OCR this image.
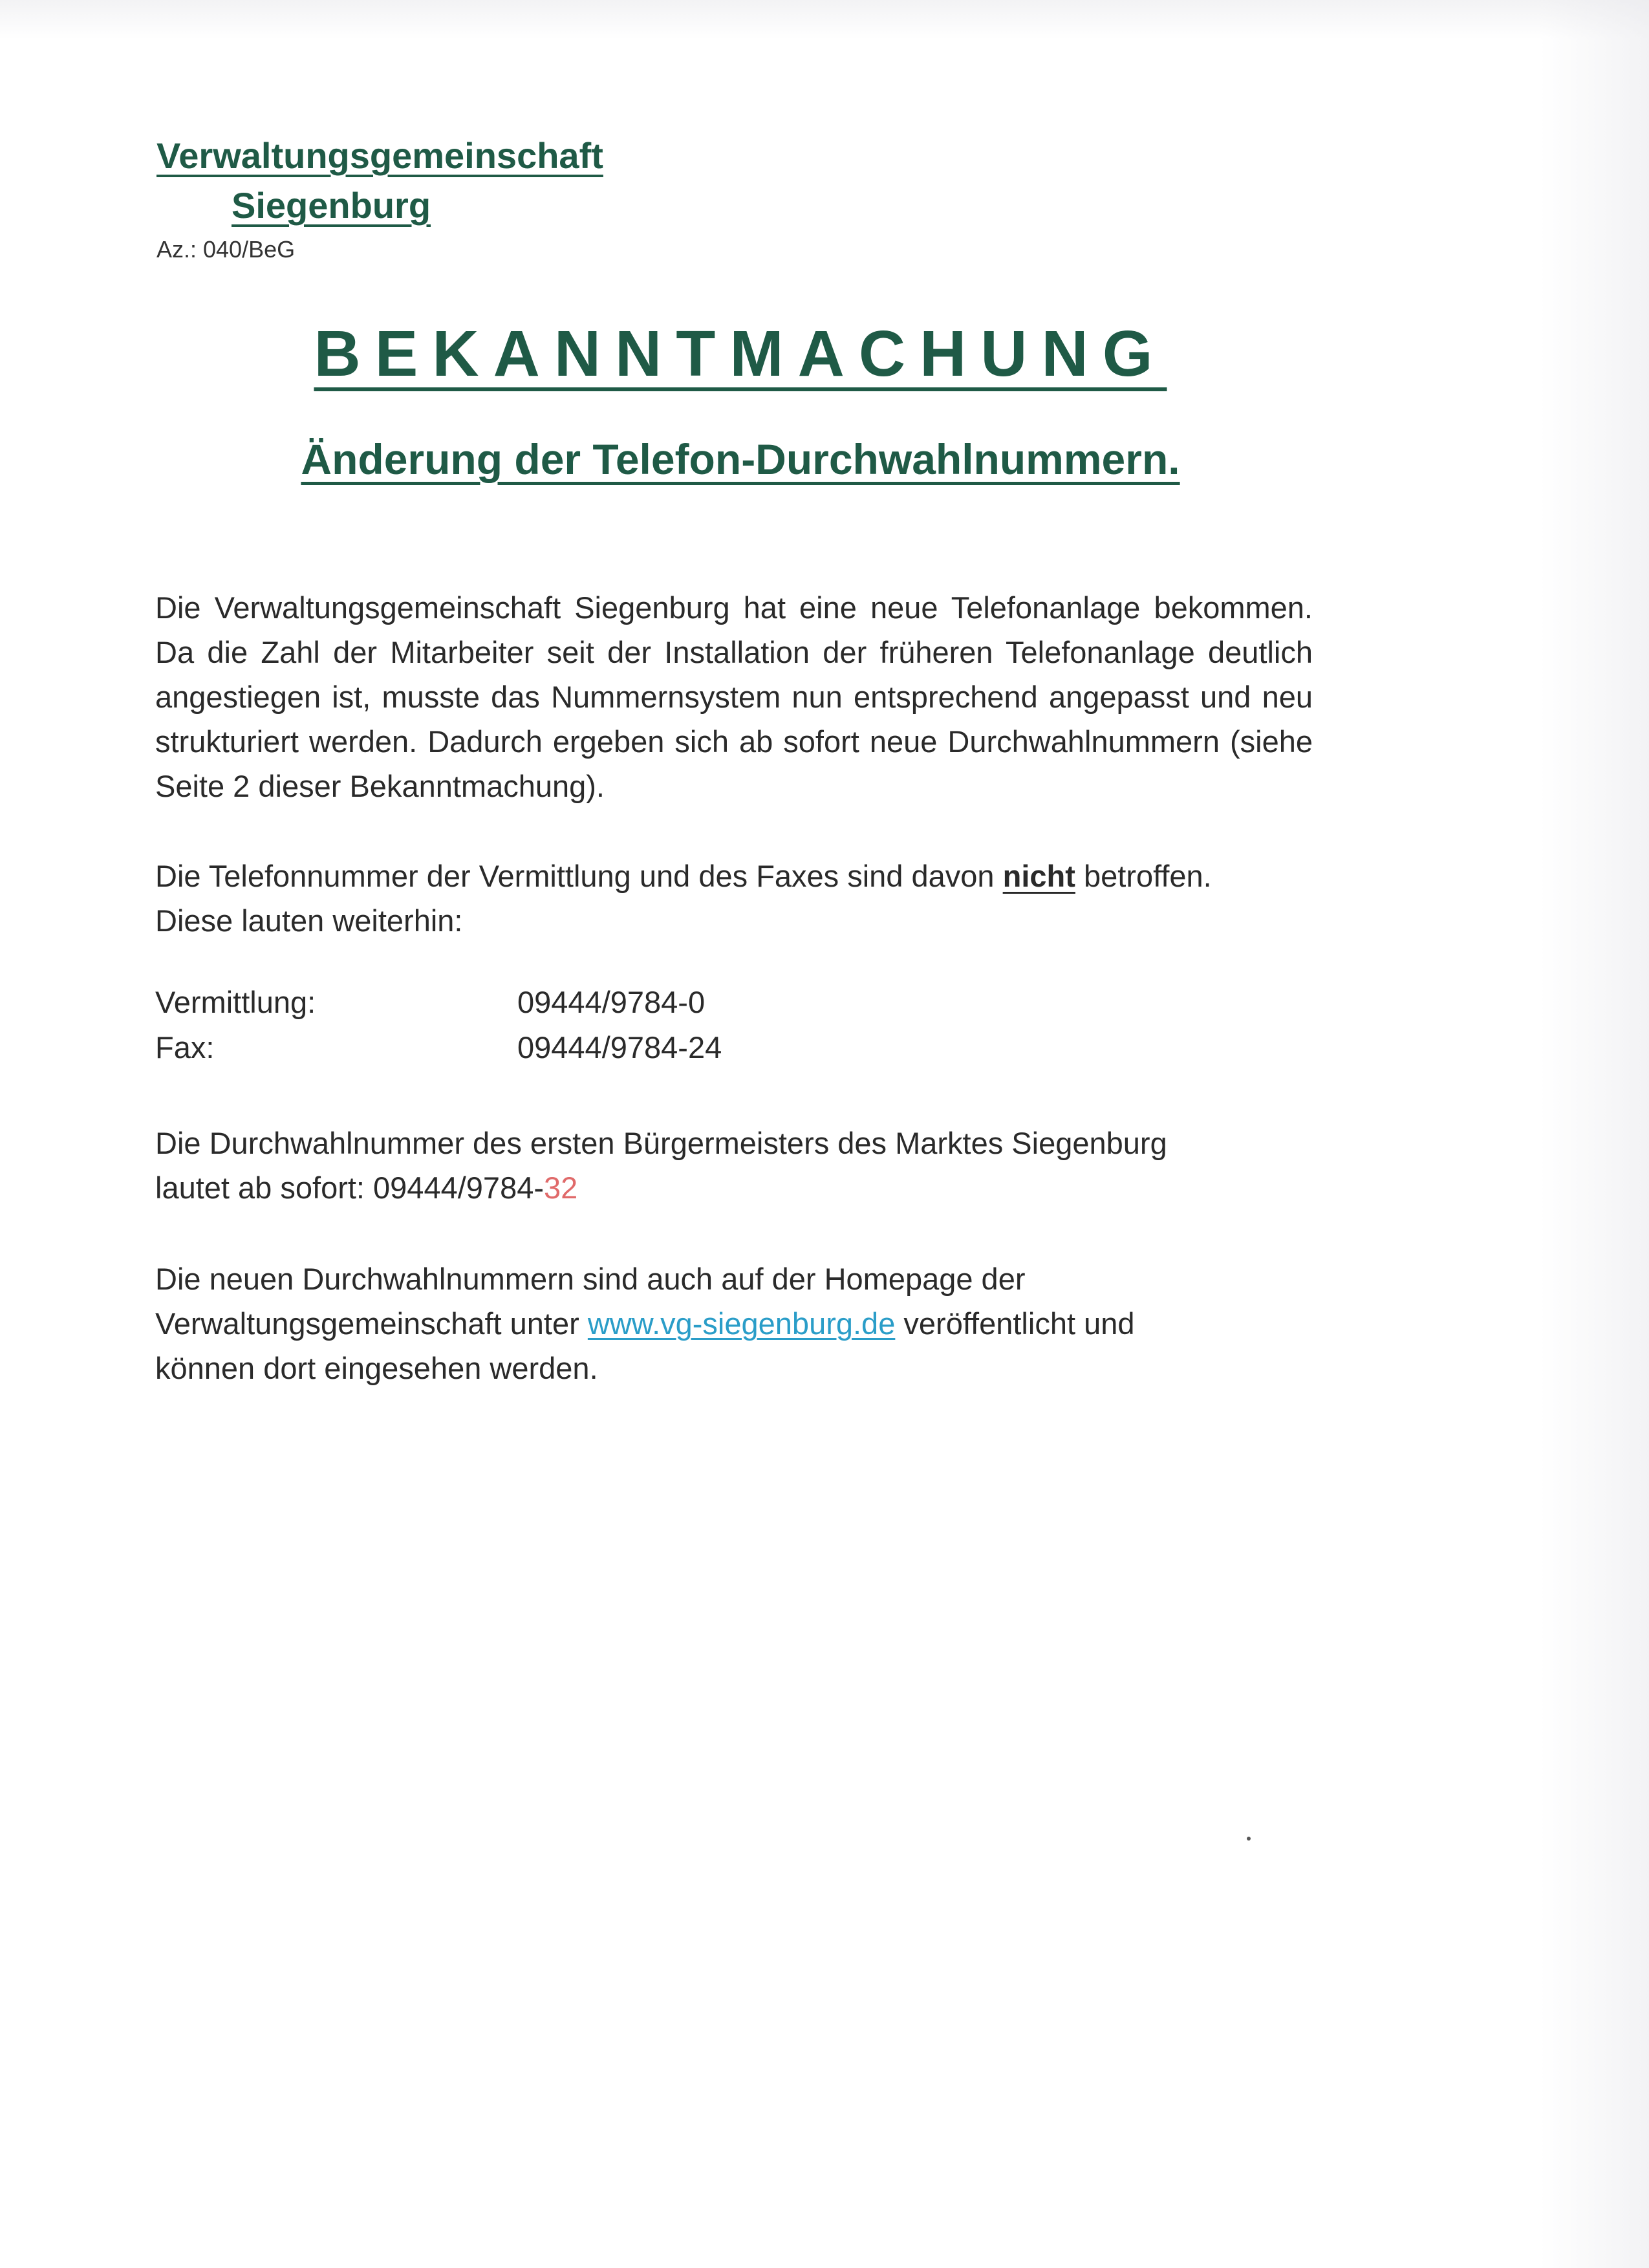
Verwaltungsgemeinschaft
Siegenburg
Az.: 040/BeG
BEKANNTMACHUNG
Änderung der Telefon-Durchwahlnummern.
Die Verwaltungsgemeinschaft Siegenburg hat eine neue Telefonanlage bekommen. Da die Zahl der Mitarbeiter seit der Installation der früheren Telefonanlage deutlich angestiegen ist, musste das Nummernsystem nun entsprechend angepasst und neu strukturiert werden. Dadurch ergeben sich ab sofort neue Durchwahlnummern (siehe Seite 2 dieser Bekanntmachung).
Die Telefonnummer der Vermittlung und des Faxes sind davon nicht betroffen.
Diese lauten weiterhin:
Vermittlung:	09444/9784-0
Fax:	09444/9784-24
Die Durchwahlnummer des ersten Bürgermeisters des Marktes Siegenburg
lautet ab sofort: 09444/9784-32
Die neuen Durchwahlnummern sind auch auf der Homepage der
Verwaltungsgemeinschaft unter www.vg-siegenburg.de veröffentlicht und
können dort eingesehen werden.
